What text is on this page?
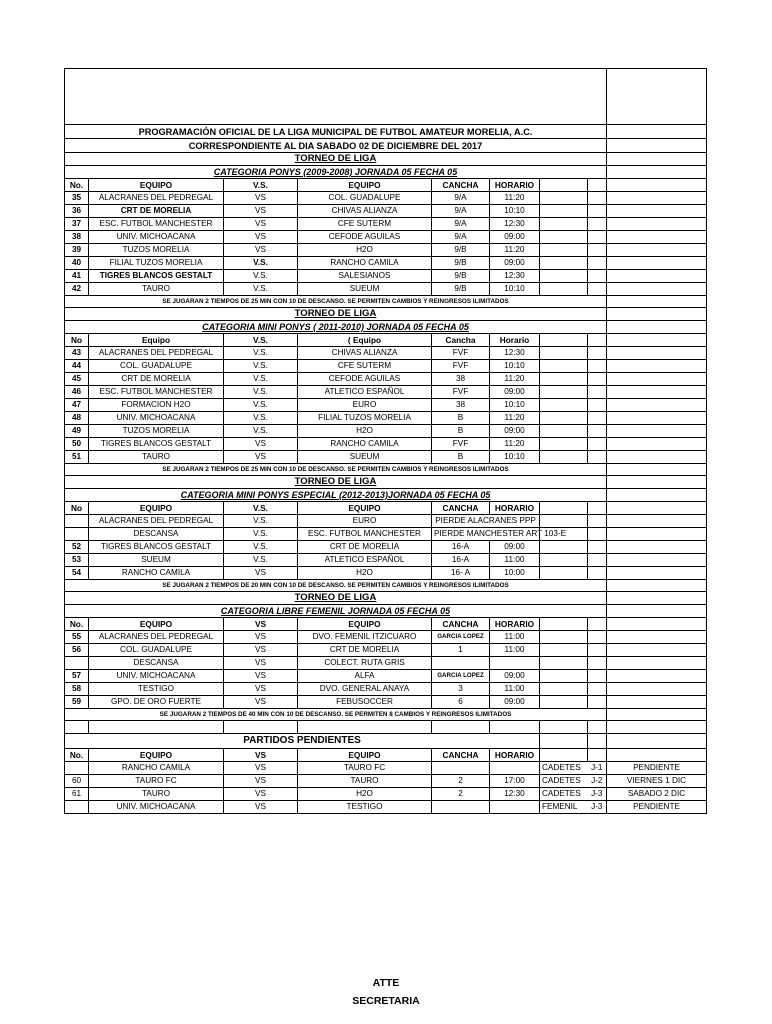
PROGRAMACIÓN OFICIAL DE LA LIGA MUNICIPAL DE FUTBOL AMATEUR MORELIA, A.C.								
CORRESPONDIENTE AL DIA SABADO 02 DE DICIEMBRE DEL 2017								
TORNEO DE LIGA								
CATEGORIA PONYS (2009-2008) JORNADA 05 FECHA 05								
No.	EQUIPO	V.S.	EQUIPO	CANCHA	HORARIO			
35	ALACRANES DEL PEDREGAL	VS	COL. GUADALUPE	9/A	11:20			
36	CRT DE MORELIA	VS	CHIVAS ALIANZA	9/A	10:10			
37	ESC. FUTBOL MANCHESTER	VS	CFE SUTERM	9/A	12:30			
38	UNIV. MICHOACANA	VS	CEFODE AGUILAS	9/A	09:00			
39	TUZOS MORELIA	VS	H2O	9/B	11:20			
40	FILIAL TUZOS MORELIA	V.S.	RANCHO CAMILA	9/B	09:00			
41	TIGRES BLANCOS GESTALT	V.S.	SALESIANOS	9/B	12:30			
42	TAURO	V.S.	SUEUM	9/B	10:10			
SE JUGARAN 2 TIEMPOS DE 25 MIN CON 10 DE DESCANSO. SE PERMITEN CAMBIOS Y REINGRESOS ILIMITADOS								
TORNEO DE LIGA								
CATEGORIA MINI PONYS ( 2011-2010) JORNADA 05 FECHA 05								
No	Equipo	V.S.	( Equipo	Cancha	Horario			
43	ALACRANES DEL PEDREGAL	V.S.	CHIVAS ALIANZA	FVF	12:30			
44	COL. GUADALUPE	V.S.	CFE SUTERM	FVF	10:10			
45	CRT DE MORELIA	V.S.	CEFODE AGUILAS	38	11:20			
46	ESC. FUTBOL MANCHESTER	V.S.	ATLETICO ESPAÑOL	FVF	09:00			
47	FORMACION H2O	V.S.	EURO	38	10:10			
48	UNIV. MICHOACANA	V.S.	FILIAL TUZOS MORELIA	B	11:20			
49	TUZOS MORELIA	V.S.	H2O	B	09:00			
50	TIGRES BLANCOS GESTALT	VS	RANCHO CAMILA	FVF	11:20			
51	TAURO	VS	SUEUM	B	10:10			
SE JUGARAN 2 TIEMPOS DE 25 MIN CON 10 DE DESCANSO. SE PERMITEN CAMBIOS Y REINGRESOS ILIMITADOS								
TORNEO DE LIGA								
CATEGORIA MINI PONYS ESPECIAL (2012-2013)JORNADA 05 FECHA 05								
No	EQUIPO	V.S.	EQUIPO	CANCHA	HORARIO			
	ALACRANES DEL PEDREGAL	V.S.	EURO	PIERDE ALACRANES PPP				
	DESCANSA	V.S.	ESC. FUTBOL MANCHESTER	PIERDE MANCHESTER ART 103-E				
52	TIGRES BLANCOS GESTALT	V.S.	CRT DE MORELIA	16-A	09:00			
53	SUEUM	V.S.	ATLETICO ESPAÑOL	16-A	11:00			
54	RANCHO CAMILA	VS	H2O	16- A	10:00			
SE JUGARAN 2 TIEMPOS DE 20 MIN CON 10 DE DESCANSO. SE PERMITEN CAMBIOS Y REINGRESOS ILIMITADOS								
TORNEO DE LIGA								
CATEGORIA LIBRE FEMENIL JORNADA 05 FECHA 05								
No.	EQUIPO	VS	EQUIPO	CANCHA	HORARIO			
55	ALACRANES DEL PEDREGAL	VS	DVO. FEMENIL ITZICUARO	GARCIA LOPEZ	11:00			
56	COL. GUADALUPE	VS	CRT DE MORELIA	1	11:00			
	DESCANSA	VS	COLECT. RUTA GRIS					
57	UNIV. MICHOACANA	VS	ALFA	GARCIA LOPEZ	09:00			
58	TESTIGO	VS	DVO. GENERAL ANAYA	3	11:00			
59	GPO. DE ORO FUERTE	VS	FEBUSOCCER	6	09:00			
SE JUGARAN 2 TIEMPOS DE 40 MIN CON 10 DE DESCANSO. SE PERMITEN 8 CAMBIOS Y REINGRESOS ILIMITADOS								

PARTIDOS PENDIENTES								
No.	EQUIPO	VS	EQUIPO	CANCHA	HORARIO			
	RANCHO CAMILA	VS	TAURO FC			CADETES	J-1	PENDIENTE
60	TAURO FC	VS	TAURO	2	17:00	CADETES	J-2	VIERNES 1 DIC
61	TAURO	VS	H2O	2	12:30	CADETES	J-3	SABADO 2 DIC
	UNIV. MICHOACANA	VS	TESTIGO			FEMENIL	J-3	PENDIENTE
ATTE
SECRETARIA
